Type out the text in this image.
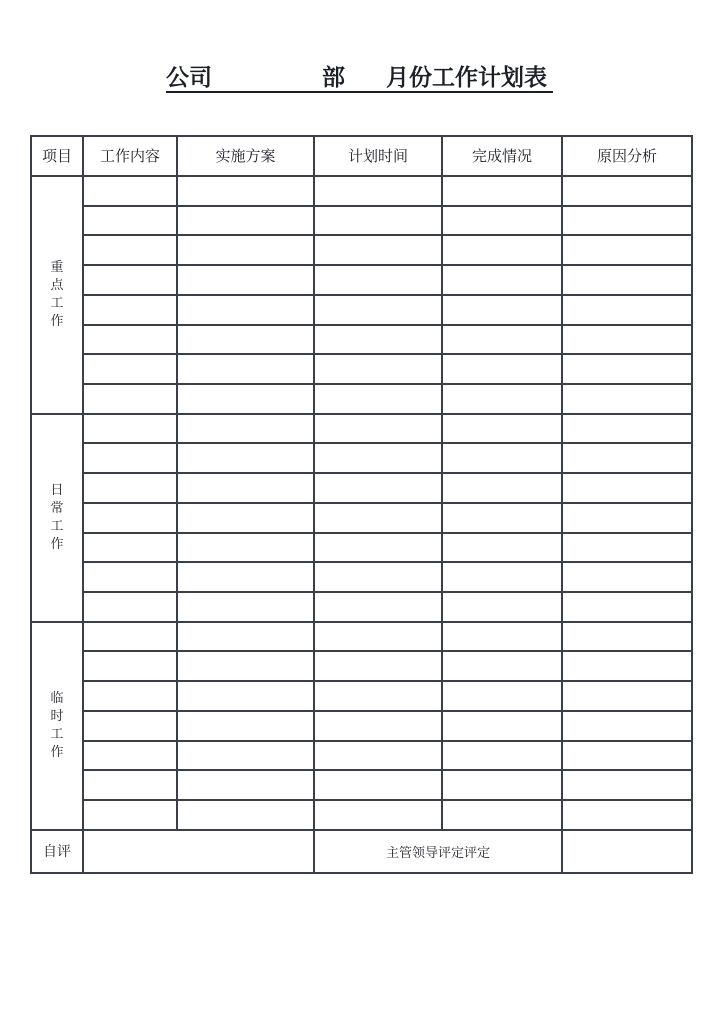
公司	部 月份工作计划表
项目	工作内容	实施方案	计划时间	完成情况	原因分析

重
点
工
作					

日
常
工
作					

临
时
工
作					

自评			主管领导评定评定		
